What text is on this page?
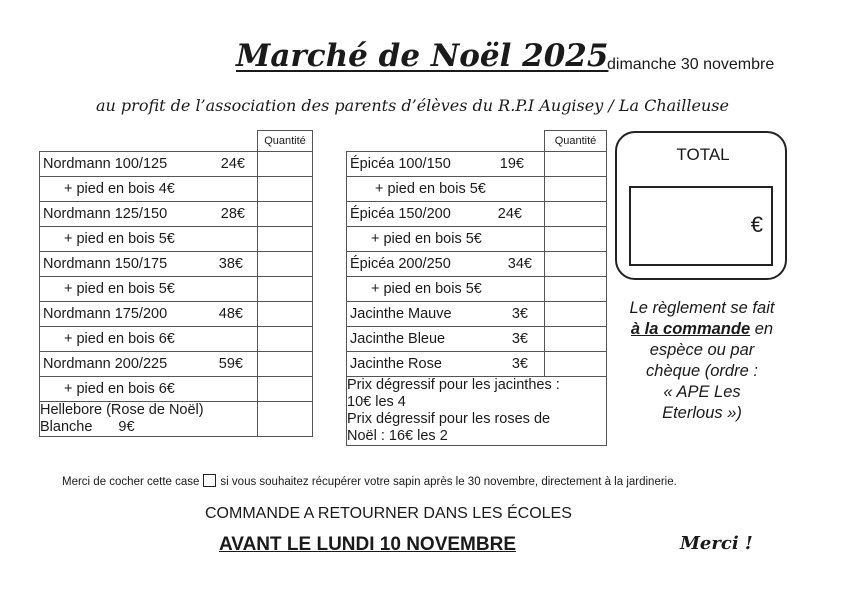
Marché de Noël 2025
dimanche 30 novembre
au profit de l’association des parents d’élèves du R.P.I Augisey / La Chailleuse
	Quantité

Nordmann 100/125 24€	

+ pied en bois 4€	

Nordmann 125/150 28€	

+ pied en bois 5€	

Nordmann 150/175 38€	

+ pied en bois 5€	

Nordmann 175/200 48€	

+ pied en bois 6€	

Nordmann 200/225 59€	

+ pied en bois 6€	

Hellebore (Rose de Noël)
Blanche 9€	

	Quantité

Épicéa 100/150 19€	

+ pied en bois 5€	

Épicéa 150/200 24€	

+ pied en bois 5€	

Épicéa 200/250 34€	

+ pied en bois 5€	

Jacinthe Mauve 3€	

Jacinthe Bleue 3€	

Jacinthe Rose 3€	

Prix dégressif pour les jacinthes :
10€ les 4
Prix dégressif pour les roses de
Noël : 16€ les 2	
TOTAL
€
Le règlement se fait
à la commande en
espèce ou par
chèque (ordre :
« APE Les
Eterlous »)
Merci de cocher cette case si vous souhaitez récupérer votre sapin après le 30 novembre, directement à la jardinerie.
COMMANDE A RETOURNER DANS LES ÉCOLES
AVANT LE LUNDI 10 NOVEMBRE	Merci !
